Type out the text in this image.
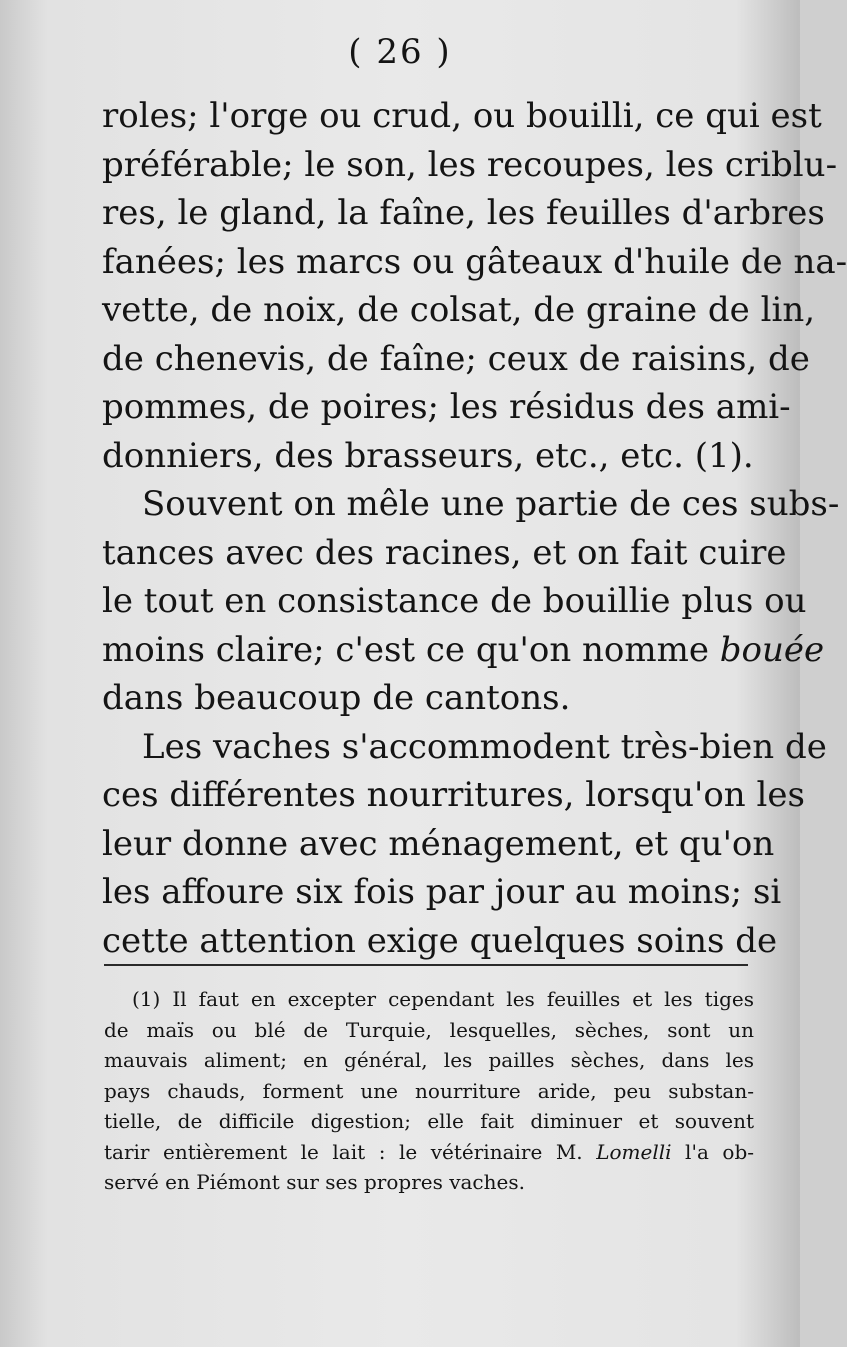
( 26 )
roles; l'orge ou crud, ou bouilli, ce qui est
préférable; le son, les recoupes, les criblu-
res, le gland, la faîne, les feuilles d'arbres
fanées; les marcs ou gâteaux d'huile de na-
vette, de noix, de colsat, de graine de lin,
de chenevis, de faîne; ceux de raisins, de
pommes, de poires; les résidus des ami-
donniers, des brasseurs, etc., etc. (1).
Souvent on mêle une partie de ces subs-
tances avec des racines, et on fait cuire
le tout en consistance de bouillie plus ou
moins claire; c'est ce qu'on nomme bouée
dans beaucoup de cantons.
Les vaches s'accommodent très-bien de
ces différentes nourritures, lorsqu'on les
leur donne avec ménagement, et qu'on
les affoure six fois par jour au moins; si
cette attention exige quelques soins de
(1) Il faut en excepter cependant les feuilles et les tiges
de maïs ou blé de Turquie, lesquelles, sèches, sont un
mauvais aliment; en général, les pailles sèches, dans les
pays chauds, forment une nourriture aride, peu substan-
tielle, de difficile digestion; elle fait diminuer et souvent
tarir entièrement le lait : le vétérinaire M. Lomelli l'a ob-
servé en Piémont sur ses propres vaches.
